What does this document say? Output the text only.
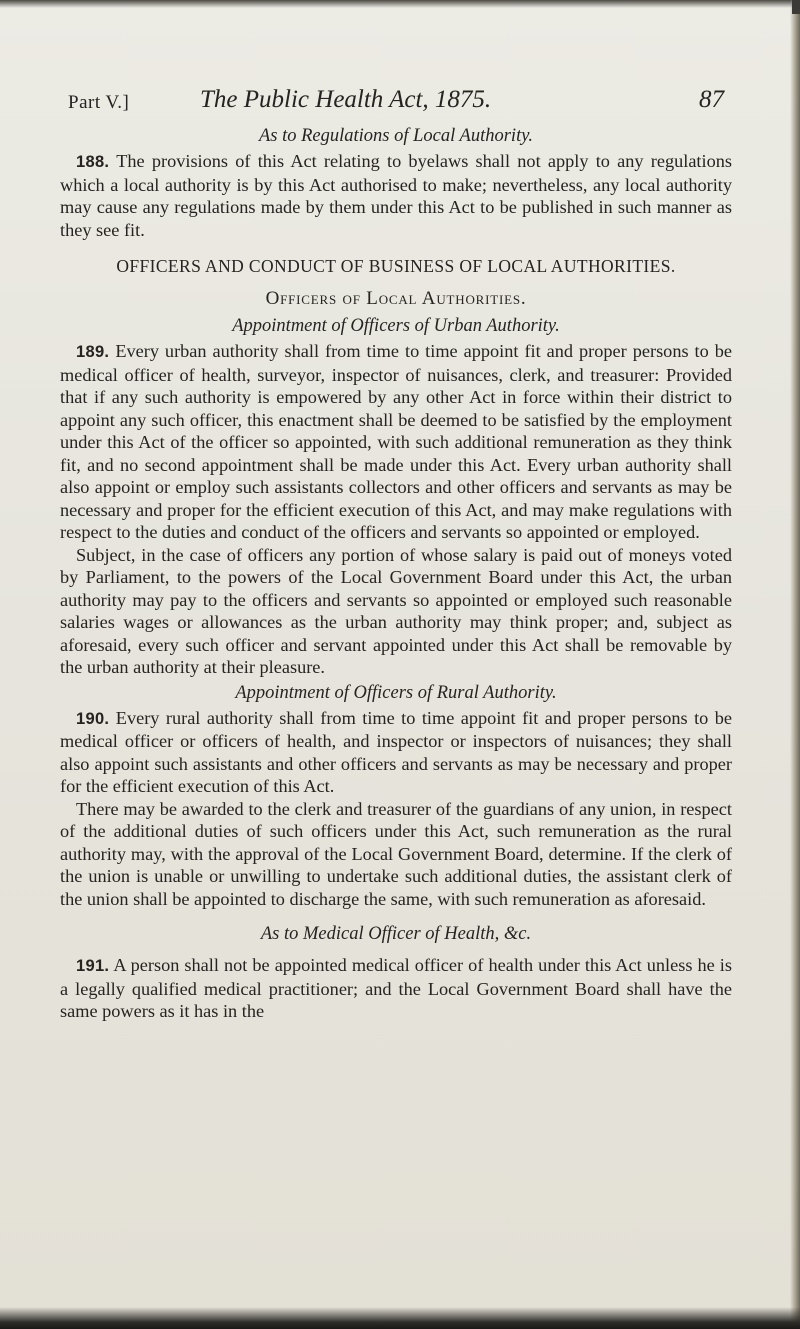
Part V.]	The Public Health Act, 1875.	87
As to Regulations of Local Authority.

188. The provisions of this Act relating to byelaws shall not apply to any regulations which a local authority is by this Act authorised to make; nevertheless, any local authority may cause any regulations made by them under this Act to be published in such manner as they see fit.

OFFICERS AND CONDUCT OF BUSINESS OF LOCAL AUTHORITIES.
Officers of Local Authorities.
Appointment of Officers of Urban Authority.

189. Every urban authority shall from time to time appoint fit and proper persons to be medical officer of health, surveyor, inspector of nuisances, clerk, and treasurer: Provided that if any such authority is empowered by any other Act in force within their district to appoint any such officer, this enactment shall be deemed to be satisfied by the employment under this Act of the officer so appointed, with such additional remuneration as they think fit, and no second appointment shall be made under this Act. Every urban authority shall also appoint or employ such assistants collectors and other officers and servants as may be necessary and proper for the efficient execution of this Act, and may make regulations with respect to the duties and conduct of the officers and servants so appointed or employed.

Subject, in the case of officers any portion of whose salary is paid out of moneys voted by Parliament, to the powers of the Local Government Board under this Act, the urban authority may pay to the officers and servants so appointed or employed such reasonable salaries wages or allowances as the urban authority may think proper; and, subject as aforesaid, every such officer and servant appointed under this Act shall be removable by the urban authority at their pleasure.

Appointment of Officers of Rural Authority.

190. Every rural authority shall from time to time appoint fit and proper persons to be medical officer or officers of health, and inspector or inspectors of nuisances; they shall also appoint such assistants and other officers and servants as may be necessary and proper for the efficient execution of this Act.

There may be awarded to the clerk and treasurer of the guardians of any union, in respect of the additional duties of such officers under this Act, such remuneration as the rural authority may, with the approval of the Local Government Board, determine. If the clerk of the union is unable or unwilling to undertake such additional duties, the assistant clerk of the union shall be appointed to discharge the same, with such remuneration as aforesaid.

As to Medical Officer of Health, &c.

191. A person shall not be appointed medical officer of health under this Act unless he is a legally qualified medical practitioner; and the Local Government Board shall have the same powers as it has in the
